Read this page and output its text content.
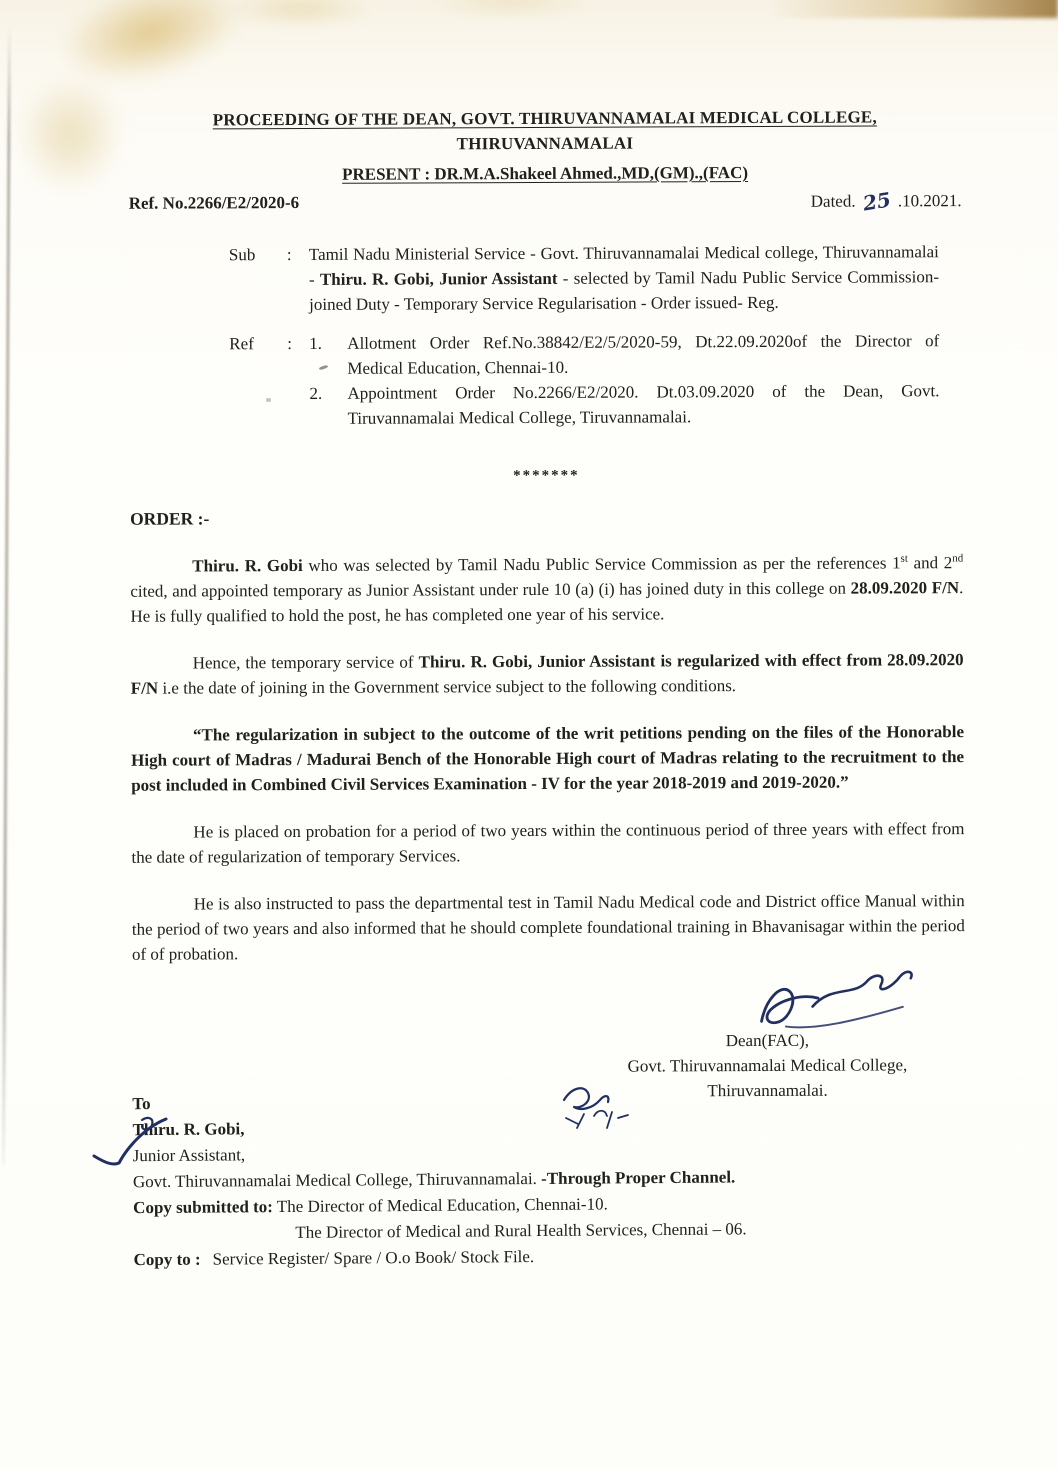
PROCEEDING OF THE DEAN, GOVT. THIRUVANNAMALAI MEDICAL COLLEGE,
THIRUVANNAMALAI
PRESENT : DR.M.A.Shakeel Ahmed.,MD,(GM).,(FAC)
Ref. No.2266/E2/2020-6	Dated. 25 .10.2021.
Sub	:	Tamil Nadu Ministerial Service - Govt. Thiruvannamalai Medical college, Thiruvannamalai - Thiru. R. Gobi, Junior Assistant - selected by Tamil Nadu Public Service Commission- joined Duty - Temporary Service Regularisation - Order issued- Reg.
Ref	:	1.	Allotment Order Ref.No.38842/E2/5/2020-59, Dt.22.09.2020of the Director of Medical Education, Chennai-10.
2.	Appointment Order No.2266/E2/2020. Dt.03.09.2020 of the Dean, Govt. Tiruvannamalai Medical College, Tiruvannamalai.
*******
ORDER :-

Thiru. R. Gobi who was selected by Tamil Nadu Public Service Commission as per the references 1st and 2nd cited, and appointed temporary as Junior Assistant under rule 10 (a) (i) has joined duty in this college on 28.09.2020 F/N. He is fully qualified to hold the post, he has completed one year of his service.

Hence, the temporary service of Thiru. R. Gobi, Junior Assistant is regularized with effect from 28.09.2020 F/N i.e the date of joining in the Government service subject to the following conditions.

“The regularization in subject to the outcome of the writ petitions pending on the files of the Honorable High court of Madras / Madurai Bench of the Honorable High court of Madras relating to the recruitment to the post included in Combined Civil Services Examination - IV for the year 2018-2019 and 2019-2020.”

He is placed on probation for a period of two years within the continuous period of three years with effect from the date of regularization of temporary Services.

He is also instructed to pass the departmental test in Tamil Nadu Medical code and District office Manual within the period of two years and also informed that he should complete foundational training in Bhavanisagar within the period of of probation.

Dean(FAC),
Govt. Thiruvannamalai Medical College,
Thiruvannamalai.
To
Thiru. R. Gobi,
Junior Assistant,
Govt. Thiruvannamalai Medical College, Thiruvannamalai. -Through Proper Channel.
Copy submitted to: The Director of Medical Education, Chennai-10.
The Director of Medical and Rural Health Services, Chennai – 06.
Copy to : Service Register/ Spare / O.o Book/ Stock File.
